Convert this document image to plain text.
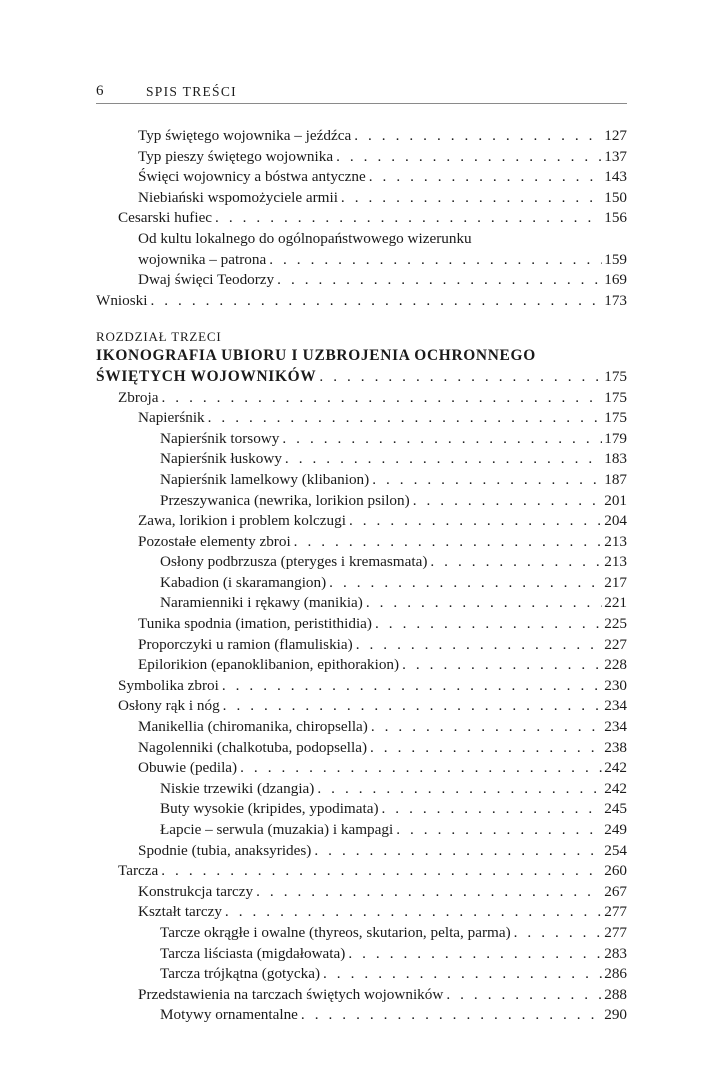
6	SPIS TREŚCI
Typ świętego wojownika – jeźdźca . . .	127
Typ pieszy świętego wojownika . . .	137
Święci wojownicy a bóstwa antyczne . . .	143
Niebiański wspomożyciele armii . . .	150
Cesarski hufiec . . .	156
Od kultu lokalnego do ogólnopaństwowego wizerunku
wojownika – patrona . . .	159
Dwaj święci Teodorzy . . .	169
Wnioski . . .	173
ROZDZIAŁ TRZECI
IKONOGRAFIA UBIORU I UZBROJENIA OCHRONNEGO
ŚWIĘTYCH WOJOWNIKÓW . . .	175
Zbroja . . .	175
Napierśnik . . .	175
Napierśnik torsowy . . .	179
Napierśnik łuskowy . . .	183
Napierśnik lamelkowy (klibanion) . . .	187
Przeszywanica (newrika, lorikion psilon) . . .	201
Zawa, lorikion i problem kolczugi . . .	204
Pozostałe elementy zbroi . . .	213
Osłony podbrzusza (pteryges i kremasmata) . . .	213
Kabadion (i skaramangion) . . .	217
Naramienniki i rękawy (manikia) . . .	221
Tunika spodnia (imation, peristithidia) . . .	225
Proporczyki u ramion (flamuliskia) . . .	227
Epilorikion (epanoklibanion, epithorakion) . . .	228
Symbolika zbroi . . .	230
Osłony rąk i nóg . . .	234
Manikellia (chiromanika, chiropsella) . . .	234
Nagolenniki (chalkotuba, podopsella) . . .	238
Obuwie (pedila) . . .	242
Niskie trzewiki (dzangia) . . .	242
Buty wysokie (kripides, ypodimata) . . .	245
Łapcie – serwula (muzakia) i kampagi . . .	249
Spodnie (tubia, anaksyrides) . . .	254
Tarcza . . .	260
Konstrukcja tarczy . . .	267
Kształt tarczy . . .	277
Tarcze okrągłe i owalne (thyreos, skutarion, pelta, parma) . . .	277
Tarcza liściasta (migdałowata) . . .	283
Tarcza trójkątna (gotycka) . . .	286
Przedstawienia na tarczach świętych wojowników . . .	288
Motywy ornamentalne . . .	290
